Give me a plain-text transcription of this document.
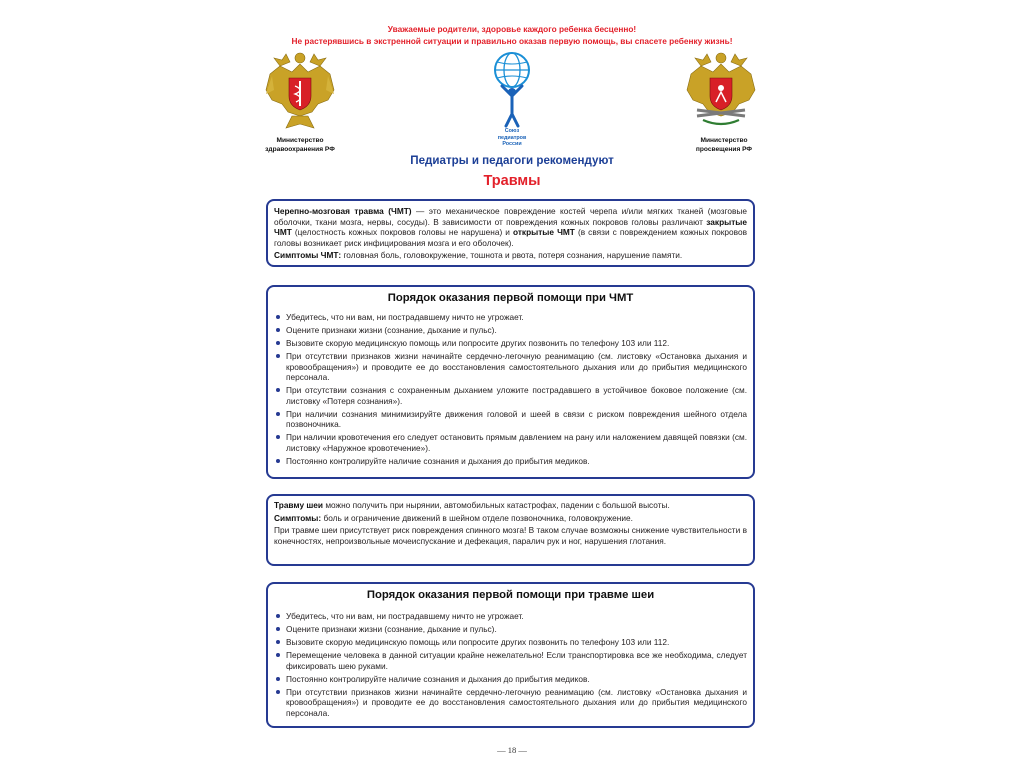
Уважаемые родители, здоровье каждого ребенка бесценно!
Не растерявшись в экстренной ситуации и правильно оказав первую помощь, вы спасете ребенку жизнь!
Министерство
здравоохранения РФ
Союз
педиатров
России
Министерство
просвещения РФ
Педиатры и педагоги рекомендуют
Травмы

Черепно-мозговая травма (ЧМТ) — это механическое повреждение костей черепа и/или мягких тканей (мозговые оболочки, ткани мозга, нервы, сосуды). В зависимости от повреждения кожных покровов головы различают закрытые ЧМТ (целостность кожных покровов головы не нарушена) и открытые ЧМТ (в связи с повреждением кожных покровов головы возникает риск инфицирования мозга и его оболочек).

Симптомы ЧМТ: головная боль, головокружение, тошнота и рвота, потеря сознания, нарушение памяти.

Порядок оказания первой помощи при ЧМТ
Убедитесь, что ни вам, ни пострадавшему ничто не угрожает.
Оцените признаки жизни (сознание, дыхание и пульс).
Вызовите скорую медицинскую помощь или попросите других позвонить по телефону 103 или 112.
При отсутствии признаков жизни начинайте сердечно-легочную реанимацию (см. листовку «Остановка дыхания и кровообращения») и проводите ее до восстановления самостоятельного дыхания или до прибытия медицинского персонала.
При отсутствии сознания с сохраненным дыханием уложите пострадавшего в устойчивое боковое положение (см. листовку «Потеря сознания»).
При наличии сознания минимизируйте движения головой и шеей в связи с риском повреждения шейного отдела позвоночника.
При наличии кровотечения его следует остановить прямым давлением на рану или наложением давящей повязки (см. листовку «Наружное кровотечение»).
Постоянно контролируйте наличие сознания и дыхания до прибытия медиков.

Травму шеи можно получить при нырянии, автомобильных катастрофах, падении с большой высоты.

Симптомы: боль и ограничение движений в шейном отделе позвоночника, головокружение.

При травме шеи присутствует риск повреждения спинного мозга! В таком случае возможны снижение чувствительности в конечностях, непроизвольные мочеиспускание и дефекация, паралич рук и ног, нарушения глотания.

Порядок оказания первой помощи при травме шеи
Убедитесь, что ни вам, ни пострадавшему ничто не угрожает.
Оцените признаки жизни (сознание, дыхание и пульс).
Вызовите скорую медицинскую помощь или попросите других позвонить по телефону 103 или 112.
Перемещение человека в данной ситуации крайне нежелательно! Если транспортировка все же необходима, следует фиксировать шею руками.
Постоянно контролируйте наличие сознания и дыхания до прибытия медиков.
При отсутствии признаков жизни начинайте сердечно-легочную реанимацию (см. листовку «Остановка дыхания и кровообращения») и проводите ее до восстановления самостоятельного дыхания или до прибытия медицинского персонала.
— 18 —
